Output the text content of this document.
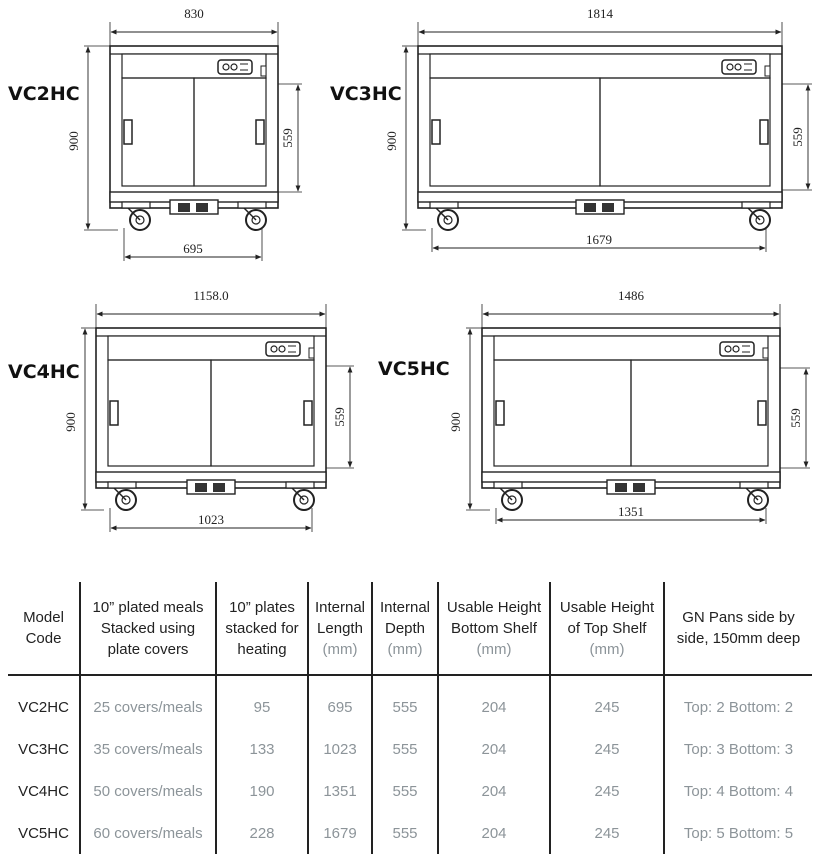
830
695
900	559
VC2HC
1814
1679
900	559
VC3HC
1158.0
1023
900	559
VC4HC
1486
1351
900	559
VC5HC
Model
Code	10” plated meals
Stacked using
plate covers	10” plates
stacked for
heating	Internal
Length
(mm)	Internal
Depth
(mm)	Usable Height
Bottom Shelf
(mm)	Usable Height
of Top Shelf
(mm)	GN Pans side by
side, 150mm deep

VC2HC	25 covers/meals	95	695	555	204	245	Top: 2 Bottom: 2
VC3HC	35 covers/meals	133	1023	555	204	245	Top: 3 Bottom: 3
VC4HC	50 covers/meals	190	1351	555	204	245	Top: 4 Bottom: 4
VC5HC	60 covers/meals	228	1679	555	204	245	Top: 5 Bottom: 5
